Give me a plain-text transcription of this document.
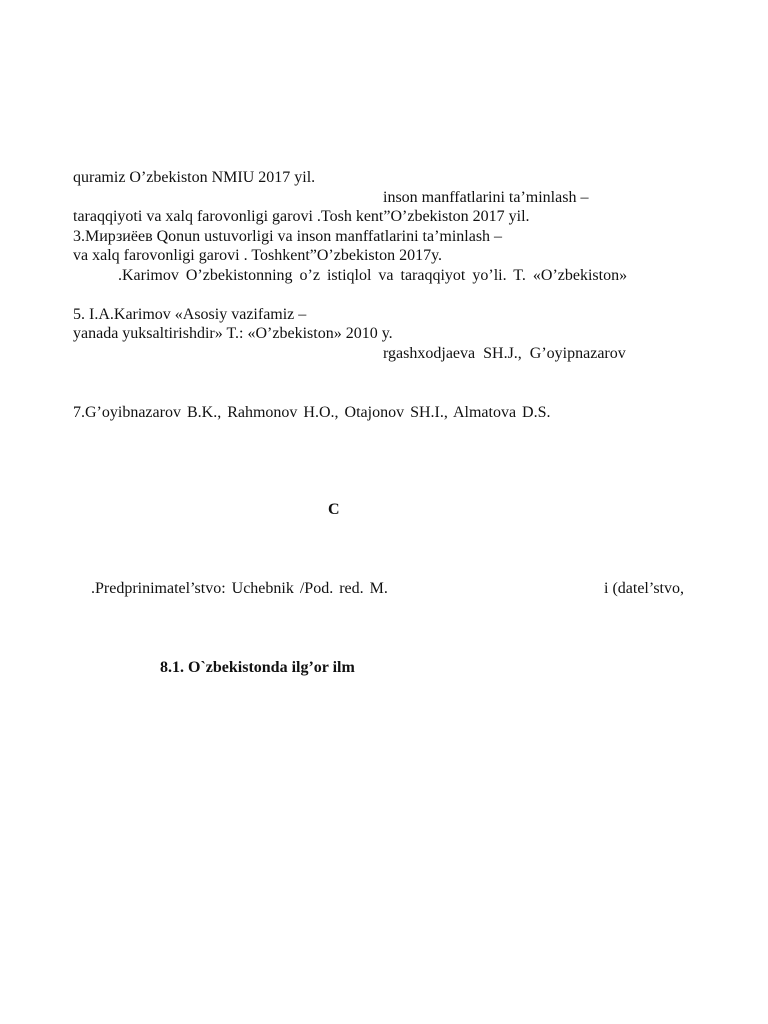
quramiz O’zbekiston NMIU 2017 yil.
inson manffatlarini ta’minlash –
taraqqiyoti va xalq farovonligi garovi .Tosh kent”O’zbekiston 2017 yil.
3.Мирзиёев Qonun ustuvorligi va inson manffatlarini ta’minlash –
va xalq farovonligi garovi . Toshkent”O’zbekiston 2017y.
.Karimov O’zbekistonning o’z istiqlol va taraqqiyot yo’li. T. «O’zbekiston»
5. I.A.Karimov «Asosiy vazifamiz –
yanada yuksaltirishdir» T.: «O’zbekiston» 2010 y.
rgashxodjaeva SH.J., G’oyipnazarov
7.G’oyibnazarov B.K., Rahmonov H.O., Otajonov SH.I., Almatova D.S.
C
.Predprinimatel’stvo: Uchebnik /Pod. red. M.	i (datel’stvo,
8.1. O`zbekistonda ilg’or ilm
